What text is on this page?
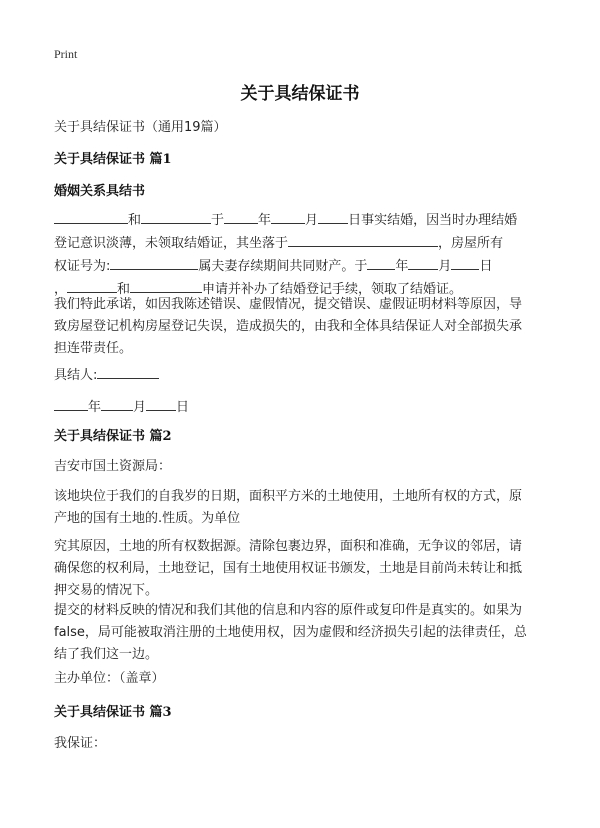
Print
关于具结保证书
关于具结保证书（通用19篇）
关于具结保证书 篇1
婚姻关系具结书

和	于	年	月 日事实结婚，因当时办理结婚

登记意识淡薄，未领取结婚证，其坐落于	，房屋所有

权证号为:	属夫妻存续期间共同财产。于 年 月 日

，	和	申请并补办了结婚登记手续，领取了结婚证。

我们特此承诺，如因我陈述错误、虚假情况，提交错误、虚假证明材料等原因，导

致房屋登记机构房屋登记失误，造成损失的，由我和全体具结保证人对全部损失承

担连带责任。

具结人:

年 月 日

关于具结保证书 篇2
吉安市国土资源局：

该地块位于我们的自我岁的日期，面积平方米的土地使用，土地所有权的方式，原

产地的国有土地的.性质。为单位

究其原因，土地的所有权数据源。清除包裹边界，面积和准确，无争议的邻居，请

确保您的权利局，土地登记，国有土地使用权证书颁发，土地是目前尚未转让和抵

押交易的情况下。

提交的材料反映的情况和我们其他的信息和内容的原件或复印件是真实的。如果为

false，局可能被取消注册的土地使用权，因为虚假和经济损失引起的法律责任，总

结了我们这一边。

主办单位：（盖章）
关于具结保证书 篇3
我保证：
